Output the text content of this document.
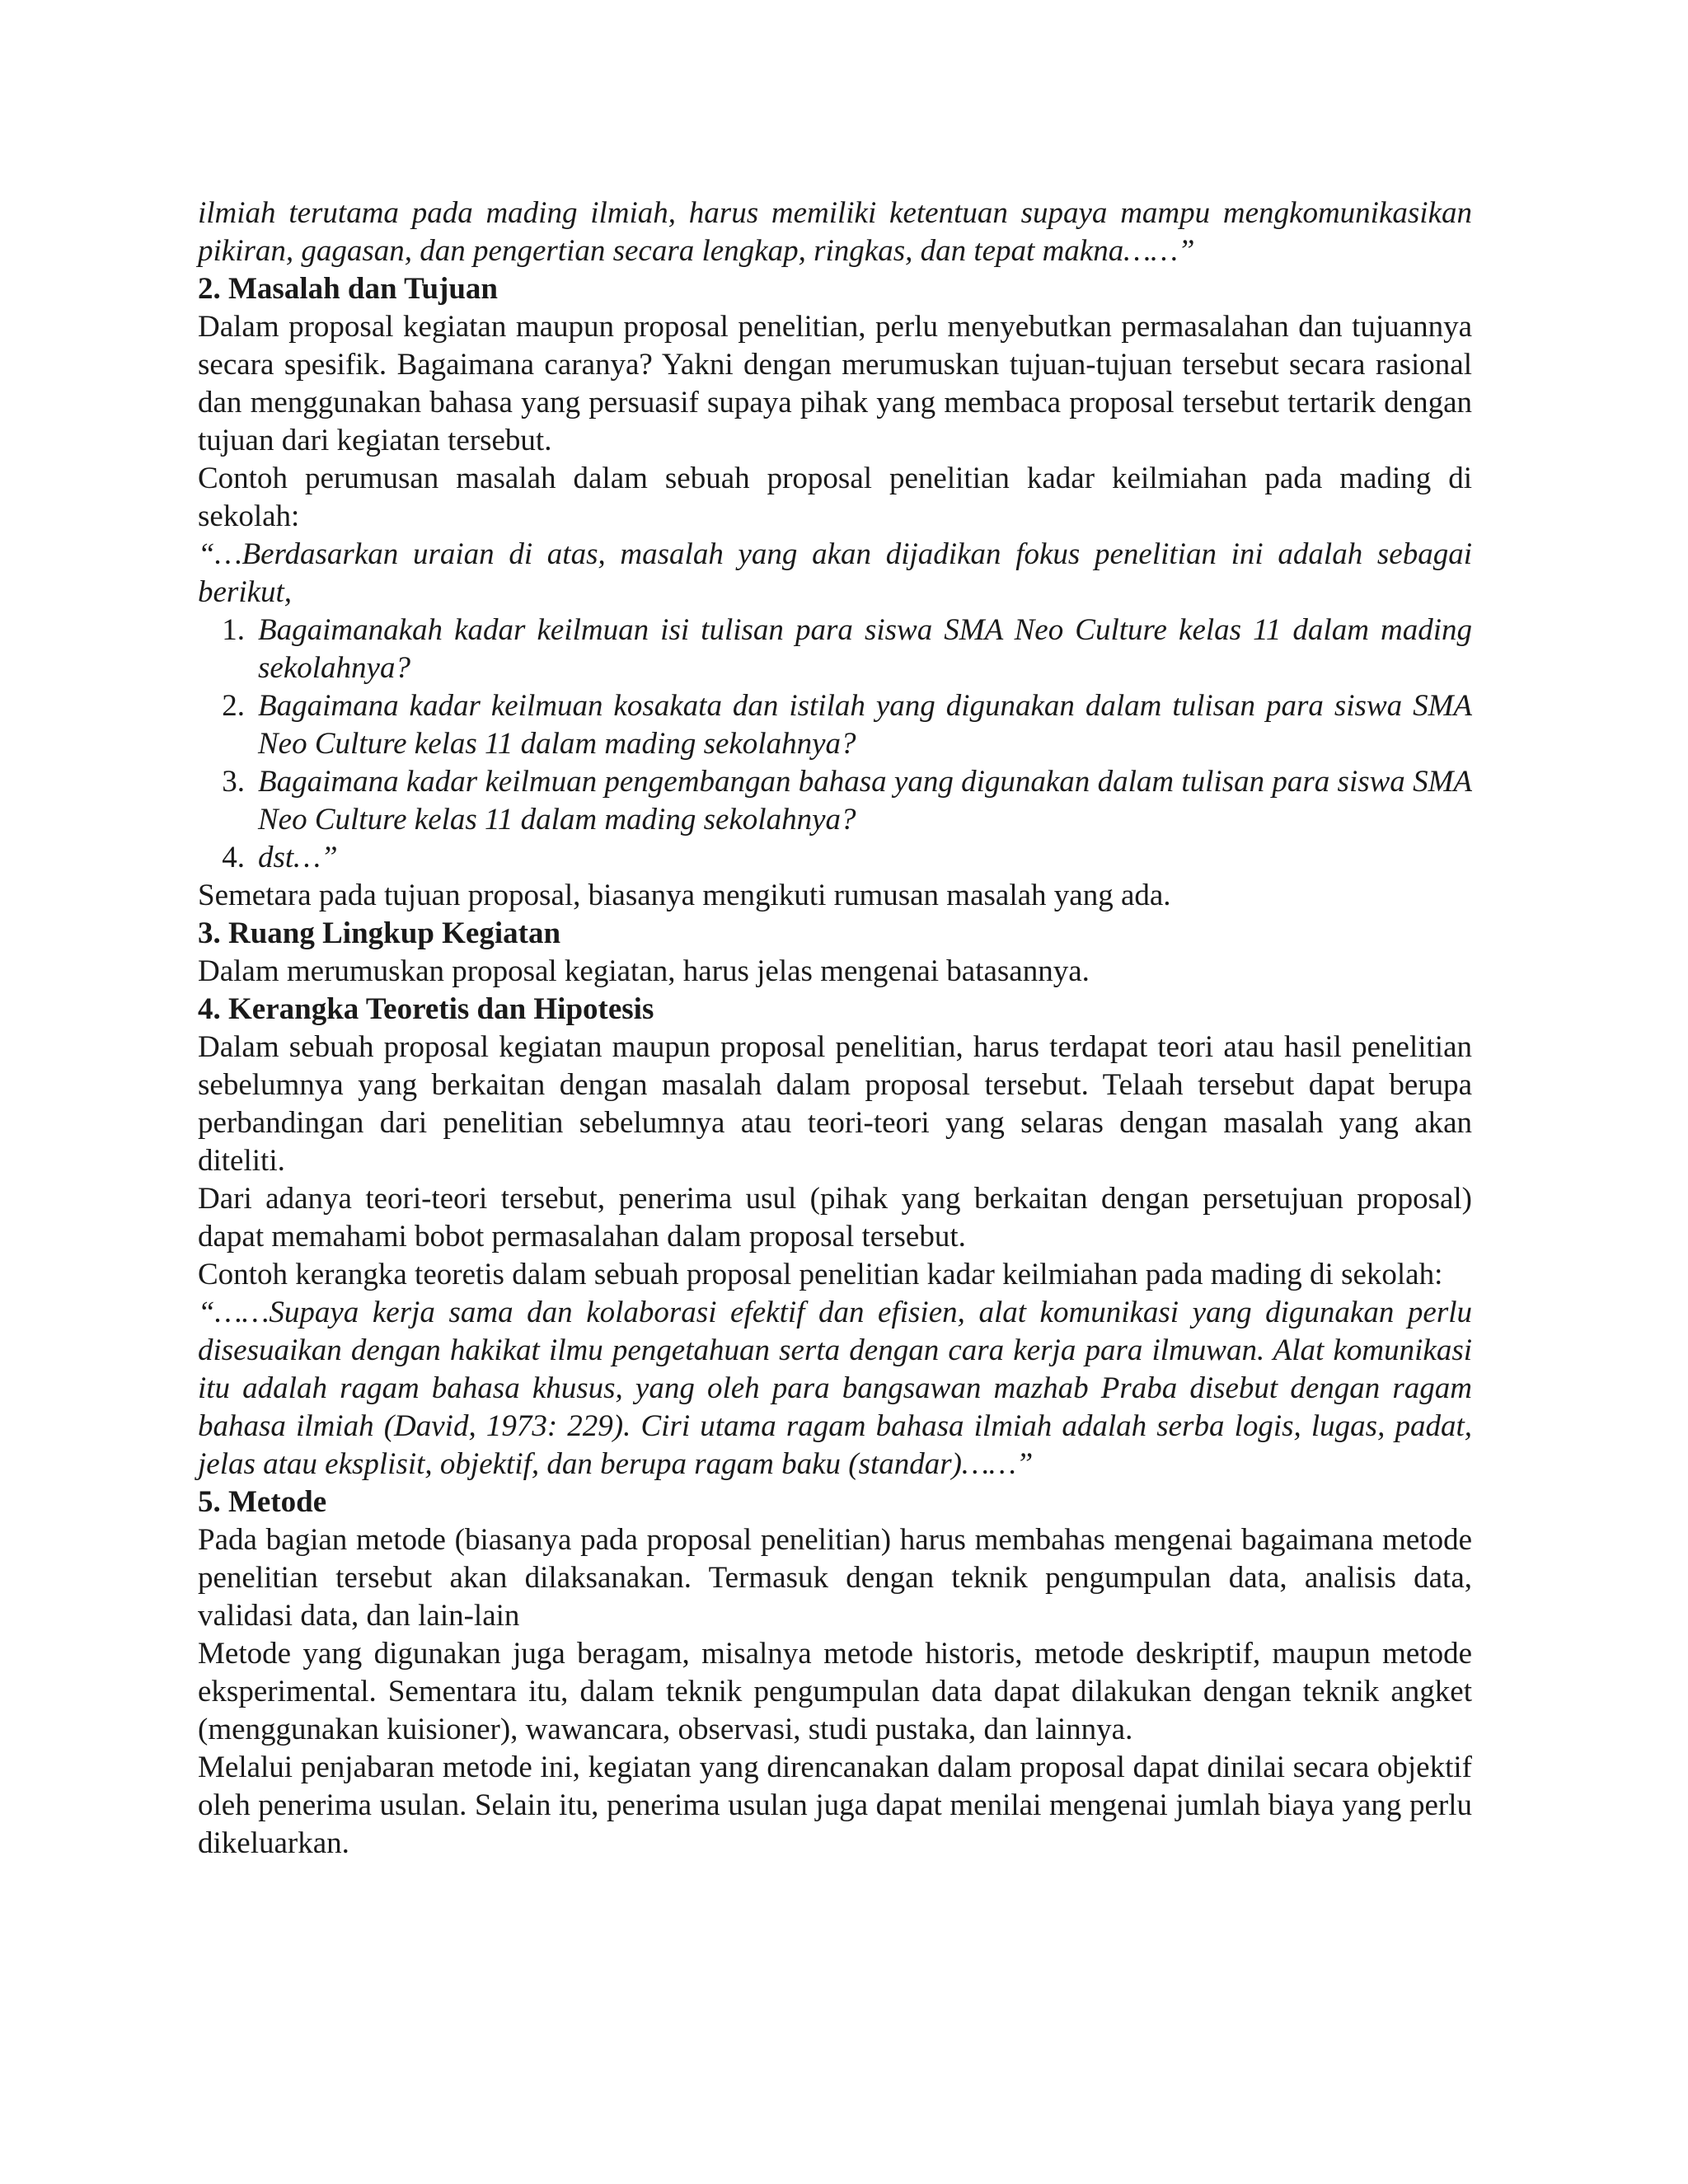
ilmiah terutama pada mading ilmiah, harus memiliki ketentuan supaya mampu mengkomunikasikan pikiran, gagasan, dan pengertian secara lengkap, ringkas, dan tepat makna……”

2. Masalah dan Tujuan

Dalam proposal kegiatan maupun proposal penelitian, perlu menyebutkan permasalahan dan tujuannya secara spesifik. Bagaimana caranya? Yakni dengan merumuskan tujuan-tujuan tersebut secara rasional dan menggunakan bahasa yang persuasif supaya pihak yang membaca proposal tersebut tertarik dengan tujuan dari kegiatan tersebut.

Contoh perumusan masalah dalam sebuah proposal penelitian kadar keilmiahan pada mading di sekolah:

“…Berdasarkan uraian di atas, masalah yang akan dijadikan fokus penelitian ini adalah sebagai berikut,

1. Bagaimanakah kadar keilmuan isi tulisan para siswa SMA Neo Culture kelas 11 dalam mading sekolahnya?
2. Bagaimana kadar keilmuan kosakata dan istilah yang digunakan dalam tulisan para siswa SMA Neo Culture kelas 11 dalam mading sekolahnya?
3. Bagaimana kadar keilmuan pengembangan bahasa yang digunakan dalam tulisan para siswa SMA Neo Culture kelas 11 dalam mading sekolahnya?
4. dst…”

Semetara pada tujuan proposal, biasanya mengikuti rumusan masalah yang ada.

3. Ruang Lingkup Kegiatan

Dalam merumuskan proposal kegiatan, harus jelas mengenai batasannya.

4. Kerangka Teoretis dan Hipotesis

Dalam sebuah proposal kegiatan maupun proposal penelitian, harus terdapat teori atau hasil penelitian sebelumnya yang berkaitan dengan masalah dalam proposal tersebut. Telaah tersebut dapat berupa perbandingan dari penelitian sebelumnya atau teori-teori yang selaras dengan masalah yang akan diteliti.

Dari adanya teori-teori tersebut, penerima usul (pihak yang berkaitan dengan persetujuan proposal) dapat memahami bobot permasalahan dalam proposal tersebut.

Contoh kerangka teoretis dalam sebuah proposal penelitian kadar keilmiahan pada mading di sekolah:

“……Supaya kerja sama dan kolaborasi efektif dan efisien, alat komunikasi yang digunakan perlu disesuaikan dengan hakikat ilmu pengetahuan serta dengan cara kerja para ilmuwan. Alat komunikasi itu adalah ragam bahasa khusus, yang oleh para bangsawan mazhab Praba disebut dengan ragam bahasa ilmiah (David, 1973: 229). Ciri utama ragam bahasa ilmiah adalah serba logis, lugas, padat, jelas atau eksplisit, objektif, dan berupa ragam baku (standar)……”

5. Metode

Pada bagian metode (biasanya pada proposal penelitian) harus membahas mengenai bagaimana metode penelitian tersebut akan dilaksanakan. Termasuk dengan teknik pengumpulan data, analisis data, validasi data, dan lain-lain

Metode yang digunakan juga beragam, misalnya metode historis, metode deskriptif, maupun metode eksperimental. Sementara itu, dalam teknik pengumpulan data dapat dilakukan dengan teknik angket (menggunakan kuisioner), wawancara, observasi, studi pustaka, dan lainnya.

Melalui penjabaran metode ini, kegiatan yang direncanakan dalam proposal dapat dinilai secara objektif oleh penerima usulan. Selain itu, penerima usulan juga dapat menilai mengenai jumlah biaya yang perlu dikeluarkan.
